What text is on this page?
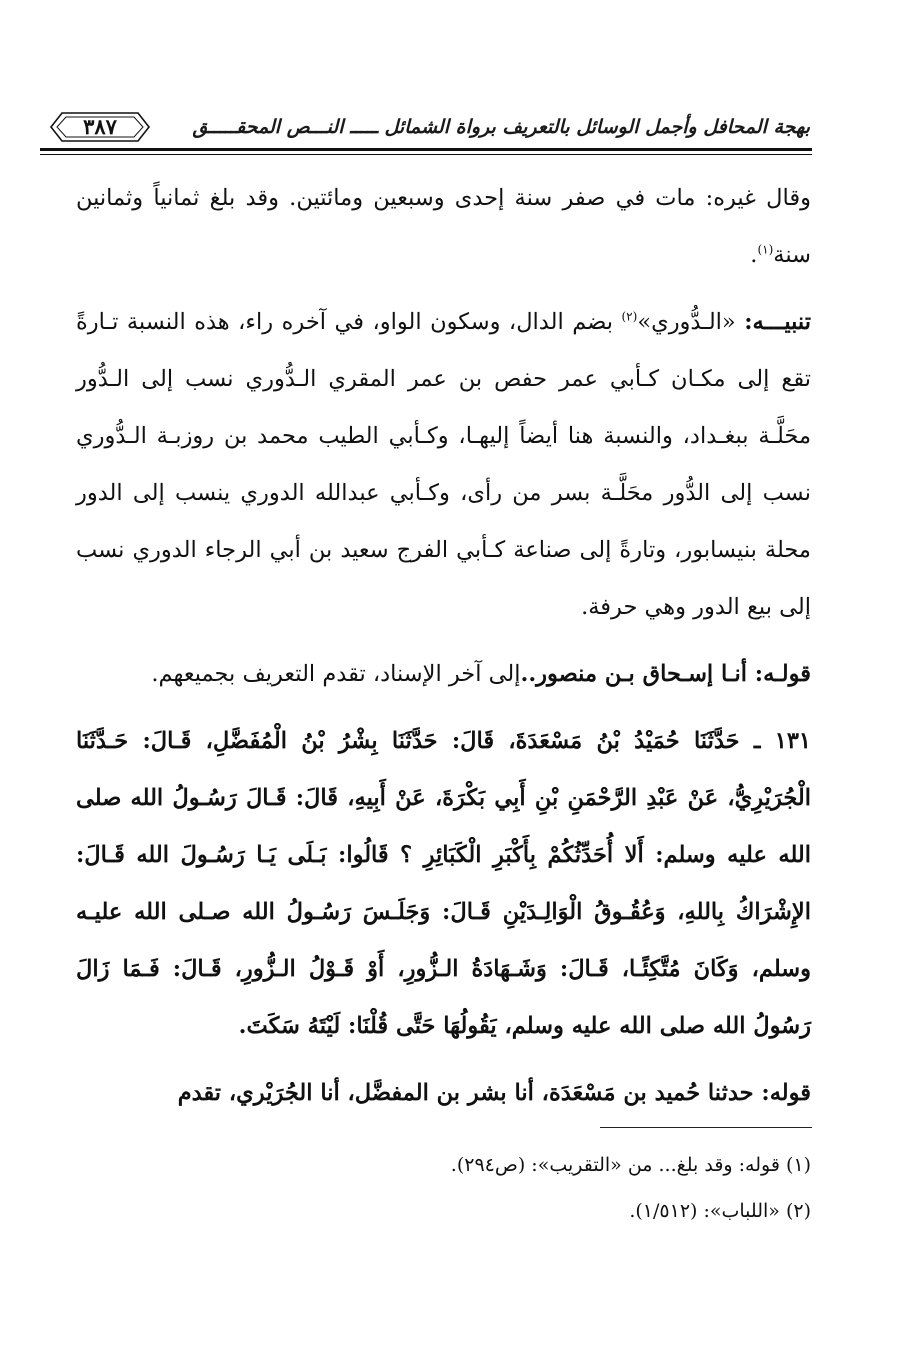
بهجة المحافل وأجمل الوسائل بالتعريف برواة الشمائل ـــــ النـــص المحقـــــق
٣٨٧

وقال غيره: مات في صفر سنة إحدى وسبعين ومائتين. وقد بلغ ثمانياً وثمانين سنة$^{(١)}$.

تنبيـــه: «الـدُّوري»$^{(٢)}$ بضم الدال، وسكون الواو، في آخره راء، هذه النسبة تـارةً تقع إلى مكـان كـأبي عمر حفص بن عمر المقري الـدُّوري نسب إلى الـدُّور محَلَّـة ببغـداد، والنسبة هنا أيضاً إليهـا، وكـأبي الطيب محمد بن روزبـة الـدُّوري نسب إلى الدُّور محَلَّـة بسر من رأى، وكـأبي عبدالله الدوري ينسب إلى الدور محلة بنيسابور، وتارةً إلى صناعة كـأبي الفرج سعيد بن أبي الرجاء الدوري نسب إلى بيع الدور وهي حرفة.

قولـه: أنـا إسـحاق بـن منصور..إلى آخر الإسناد، تقدم التعريف بجميعهم.

١٣١ ـ حَدَّثَنَا حُمَيْدُ بْنُ مَسْعَدَةَ، قَالَ: حَدَّثَنَا بِشْرُ بْنُ الْمُفَضَّلِ، قَـالَ: حَـدَّثَنَا الْجُرَيْرِيُّ، عَنْ عَبْدِ الرَّحْمَنِ بْنِ أَبِي بَكْرَةَ، عَنْ أَبِيهِ، قَالَ: قَـالَ رَسُـولُ الله صلى الله عليه وسلم: أَلا أُحَدِّثُكُمْ بِأَكْبَرِ الْكَبَائِرِ ؟ قَالُوا: بَـلَى يَـا رَسُـولَ الله قَـالَ: الإِشْرَاكُ بِاللهِ، وَعُقُـوقُ الْوَالِـدَيْنِ قَـالَ: وَجَلَـسَ رَسُـولُ الله صـلى الله عليـه وسلم، وَكَانَ مُتَّكِئًـا، قَـالَ: وَشَـهَادَةُ الـزُّورِ، أَوْ قَـوْلُ الـزُّورِ، قَـالَ: فَـمَا زَالَ رَسُولُ الله صلى الله عليه وسلم، يَقُولُهَا حَتَّى قُلْنَا: لَيْتَهُ سَكَتَ.

قوله: حدثنا حُميد بن مَسْعَدَة، أنا بشر بن المفضَّل، أنا الجُرَيْري، تقدم

(١) قوله: وقد بلغ... من «التقريب»: (ص٢٩٤).

(٢) «اللباب»: (١/٥١٢).
